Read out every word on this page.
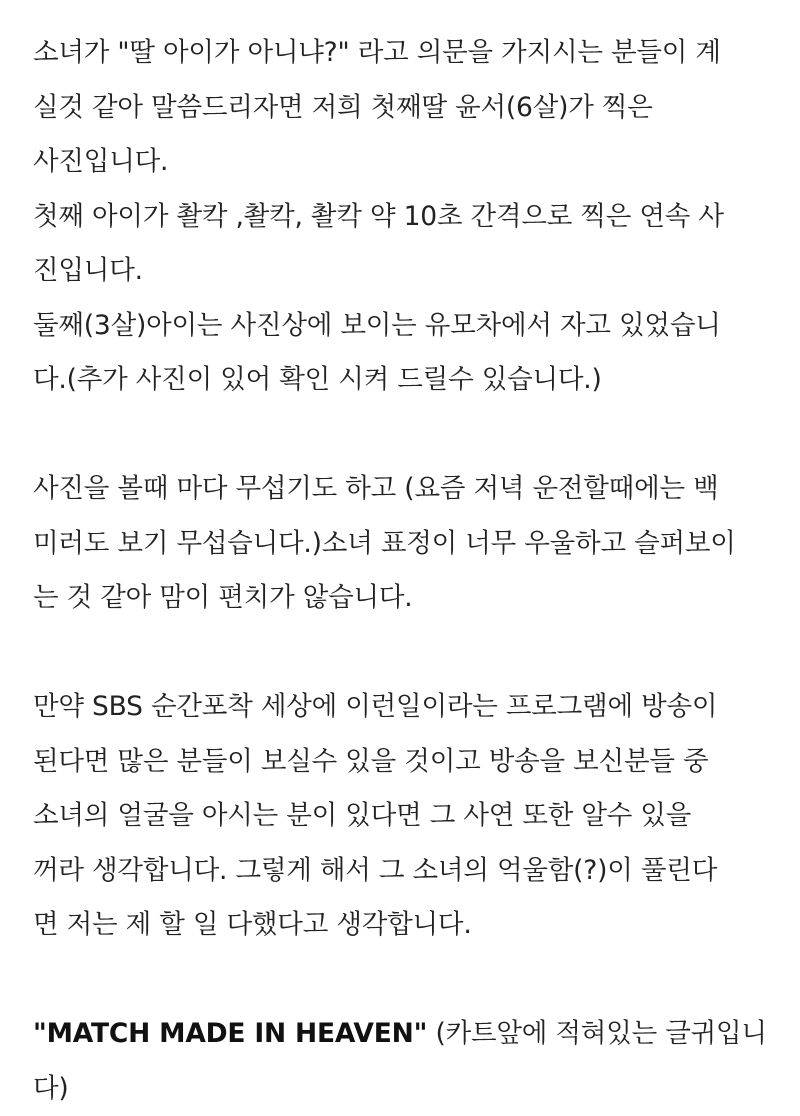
소녀가 "딸 아이가 아니냐?" 라고 의문을 가지시는 분들이 계
실것 같아 말씀드리자면 저희 첫째딸 윤서(6살)가 찍은
사진입니다.
첫째 아이가 촬칵 ,촬칵, 촬칵 약 10초 간격으로 찍은 연속 사
진입니다.
둘째(3살)아이는 사진상에 보이는 유모차에서 자고 있었습니
다.(추가 사진이 있어 확인 시켜 드릴수 있습니다.)
사진을 볼때 마다 무섭기도 하고 (요즘 저녁 운전할때에는 백
미러도 보기 무섭습니다.)소녀 표정이 너무 우울하고 슬퍼보이
는 것 같아 맘이 편치가 않습니다.
만약 SBS 순간포착 세상에 이런일이라는 프로그램에 방송이
된다면 많은 분들이 보실수 있을 것이고 방송을 보신분들 중
소녀의 얼굴을 아시는 분이 있다면 그 사연 또한 알수 있을
꺼라 생각합니다. 그렇게 해서 그 소녀의 억울함(?)이 풀린다
면 저는 제 할 일 다했다고 생각합니다.
"MATCH MADE IN HEAVEN" (카트앞에 적혀있는 글귀입니
다)
